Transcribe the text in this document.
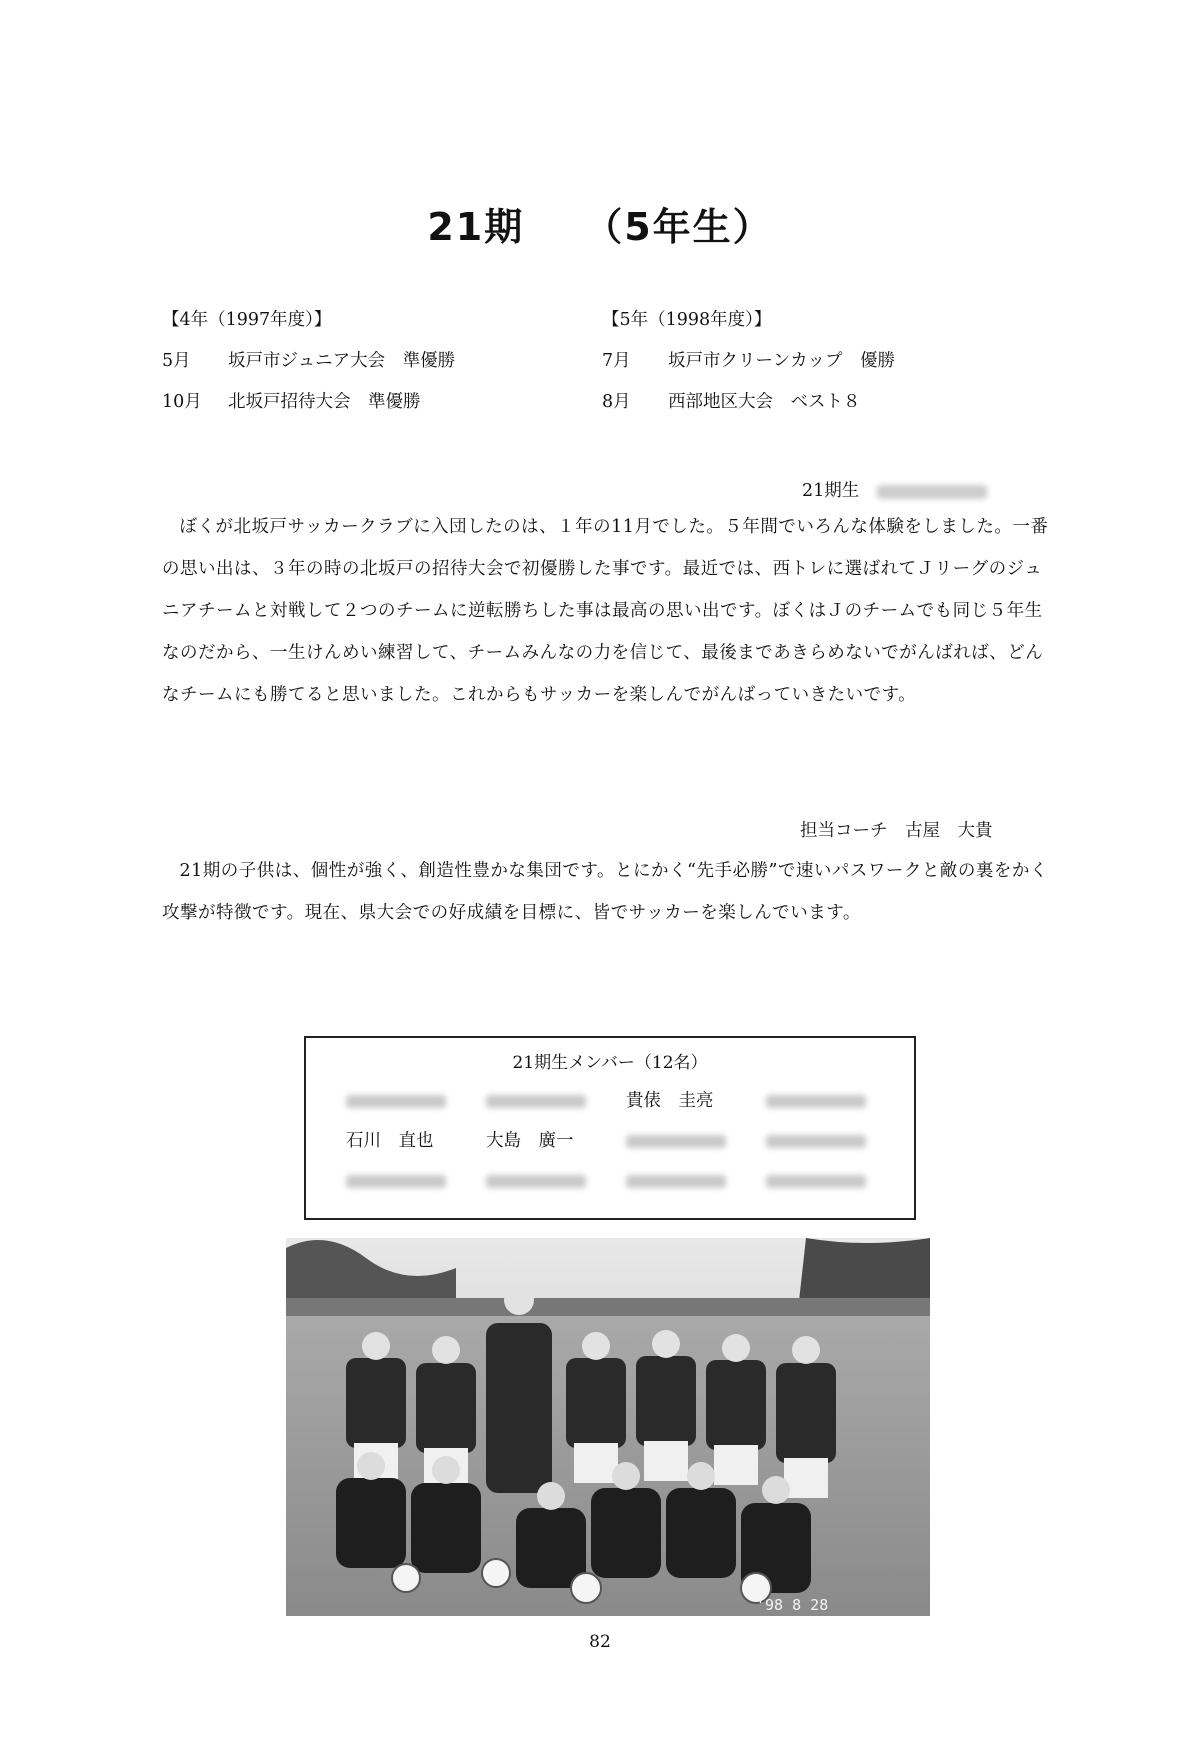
21期 （5年生）
【4年（1997年度）】
5月 坂戸市ジュニア大会　準優勝
10月 北坂戸招待大会　準優勝
【5年（1998年度）】
7月 坂戸市クリーンカップ　優勝
8月 西部地区大会　ベスト８
21期生
ぼくが北坂戸サッカークラブに入団したのは、１年の11月でした。５年間でいろんな体験をしました。一番の思い出は、３年の時の北坂戸の招待大会で初優勝した事です。最近では、西トレに選ばれてＪリーグのジュニアチームと対戦して２つのチームに逆転勝ちした事は最高の思い出です。ぼくはＪのチームでも同じ５年生なのだから、一生けんめい練習して、チームみんなの力を信じて、最後まであきらめないでがんばれば、どんなチームにも勝てると思いました。これからもサッカーを楽しんでがんばっていきたいです。
担当コーチ　古屋　大貴
21期の子供は、個性が強く、創造性豊かな集団です。とにかく“先手必勝”で速いパスワークと敵の裏をかく攻撃が特徴です。現在、県大会での好成績を目標に、皆でサッカーを楽しんでいます。
21期生メンバー（12名）
貴俵　圭亮
石川　直也	大島　廣一
'98 8 28
82
